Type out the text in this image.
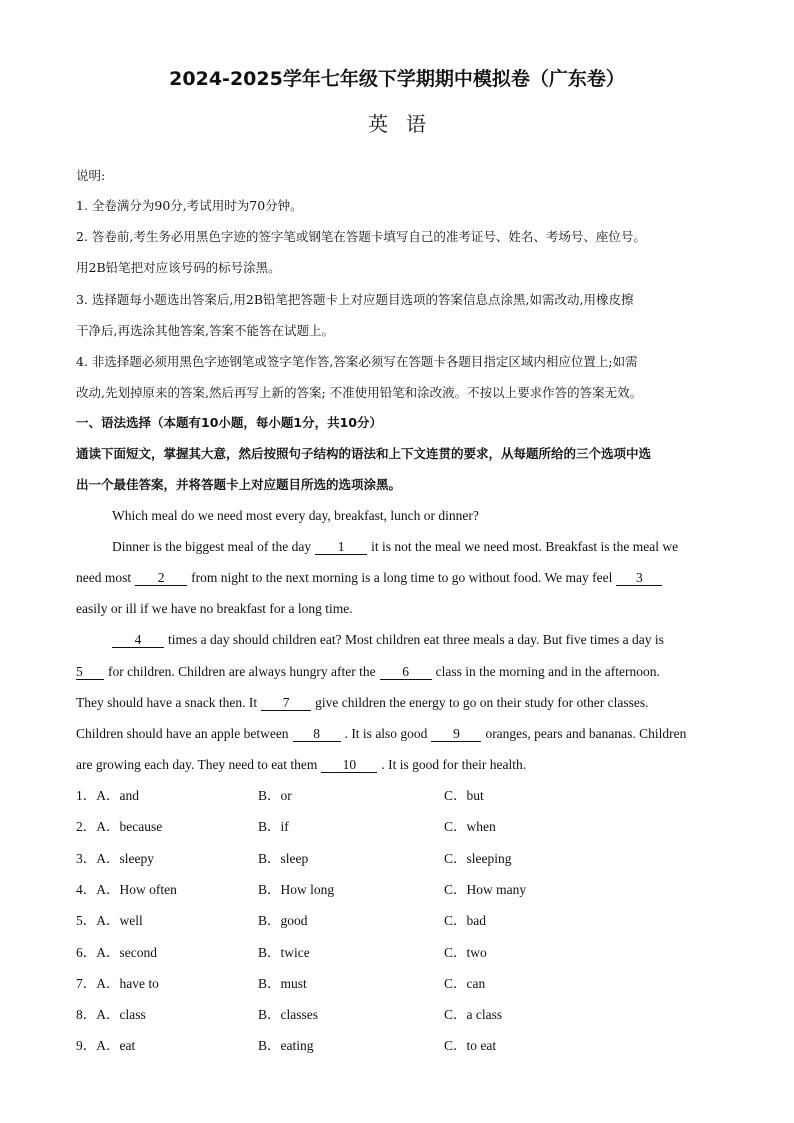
2024-2025学年七年级下学期期中模拟卷（广东卷）
英语
说明:
1. 全卷满分为90分,考试用时为70分钟。
2. 答卷前,考生务必用黑色字迹的签字笔或钢笔在答题卡填写自己的准考证号、姓名、考场号、座位号。
用2B铅笔把对应该号码的标号涂黑。
3. 选择题每小题选出答案后,用2B铅笔把答题卡上对应题目选项的答案信息点涂黑,如需改动,用橡皮擦
干净后,再选涂其他答案,答案不能答在试题上。
4. 非选择题必须用黑色字迹钢笔或签字笔作答,答案必须写在答题卡各题目指定区域内相应位置上;如需
改动,先划掉原来的答案,然后再写上新的答案; 不准使用铅笔和涂改液。不按以上要求作答的答案无效。
一、语法选择（本题有10小题，每小题1分，共10分）
通读下面短文，掌握其大意，然后按照句子结构的语法和上下文连贯的要求，从每题所给的三个选项中选
出一个最佳答案，并将答题卡上对应题目所选的选项涂黑。
Which meal do we need most every day, breakfast, lunch or dinner?
Dinner is the biggest meal of the day 1 it is not the meal we need most. Breakfast is the meal we
need most 2 from night to the next morning is a long time to go without food. We may feel 3
easily or ill if we have no breakfast for a long time.
4 times a day should children eat? Most children eat three meals a day. But five times a day is
5 for children. Children are always hungry after the 6 class in the morning and in the afternoon.
They should have a snack then. It 7 give children the energy to go on their study for other classes.
Children should have an apple between 8 . It is also good 9 oranges, pears and bananas. Children
are growing each day. They need to eat them 10 . It is good for their health.
1．A．and	B．or	C．but
2．A．because	B．if	C．when
3．A．sleepy	B．sleep	C．sleeping
4．A．How often	B．How long	C．How many
5．A．well	B．good	C．bad
6．A．second	B．twice	C．two
7．A．have to	B．must	C．can
8．A．class	B．classes	C．a class
9．A．eat	B．eating	C．to eat
